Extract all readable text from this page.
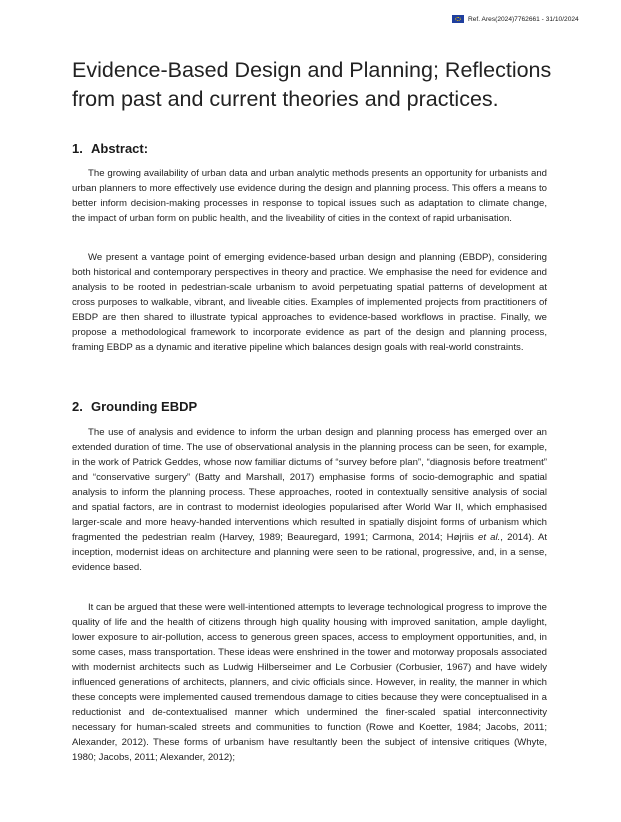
Ref. Ares(2024)7762661 - 31/10/2024
Evidence-Based Design and Planning; Reflections from past and current theories and practices.
1. Abstract:

The growing availability of urban data and urban analytic methods presents an opportunity for urbanists and urban planners to more effectively use evidence during the design and planning process. This offers a means to better inform decision-making processes in response to topical issues such as adaptation to climate change, the impact of urban form on public health, and the liveability of cities in the context of rapid urbanisation.

We present a vantage point of emerging evidence-based urban design and planning (EBDP), considering both historical and contemporary perspectives in theory and practice. We emphasise the need for evidence and analysis to be rooted in pedestrian-scale urbanism to avoid perpetuating spatial patterns of development at cross purposes to walkable, vibrant, and liveable cities. Examples of implemented projects from practitioners of EBDP are then shared to illustrate typical approaches to evidence-based workflows in practise. Finally, we propose a methodological framework to incorporate evidence as part of the design and planning process, framing EBDP as a dynamic and iterative pipeline which balances design goals with real-world constraints.

2. Grounding EBDP

The use of analysis and evidence to inform the urban design and planning process has emerged over an extended duration of time. The use of observational analysis in the planning process can be seen, for example, in the work of Patrick Geddes, whose now familiar dictums of “survey before plan”, “diagnosis before treatment” and “conservative surgery” (Batty and Marshall, 2017) emphasise forms of socio-demographic and spatial analysis to inform the planning process. These approaches, rooted in contextually sensitive analysis of social and spatial factors, are in contrast to modernist ideologies popularised after World War II, which emphasised larger-scale and more heavy-handed interventions which resulted in spatially disjoint forms of urbanism which fragmented the pedestrian realm (Harvey, 1989; Beauregard, 1991; Carmona, 2014; Højriis et al., 2014). At inception, modernist ideas on architecture and planning were seen to be rational, progressive, and, in a sense, evidence based.

It can be argued that these were well-intentioned attempts to leverage technological progress to improve the quality of life and the health of citizens through high quality housing with improved sanitation, ample daylight, lower exposure to air-pollution, access to generous green spaces, access to employment opportunities, and, in some cases, mass transportation. These ideas were enshrined in the tower and motorway proposals associated with modernist architects such as Ludwig Hilberseimer and Le Corbusier (Corbusier, 1967) and have widely influenced generations of architects, planners, and civic officials since. However, in reality, the manner in which these concepts were implemented caused tremendous damage to cities because they were conceptualised in a reductionist and de-contextualised manner which undermined the finer-scaled spatial interconnectivity necessary for human-scaled streets and communities to function (Rowe and Koetter, 1984; Jacobs, 2011; Alexander, 2012). These forms of urbanism have resultantly been the subject of intensive critiques (Whyte, 1980; Jacobs, 2011; Alexander, 2012);
